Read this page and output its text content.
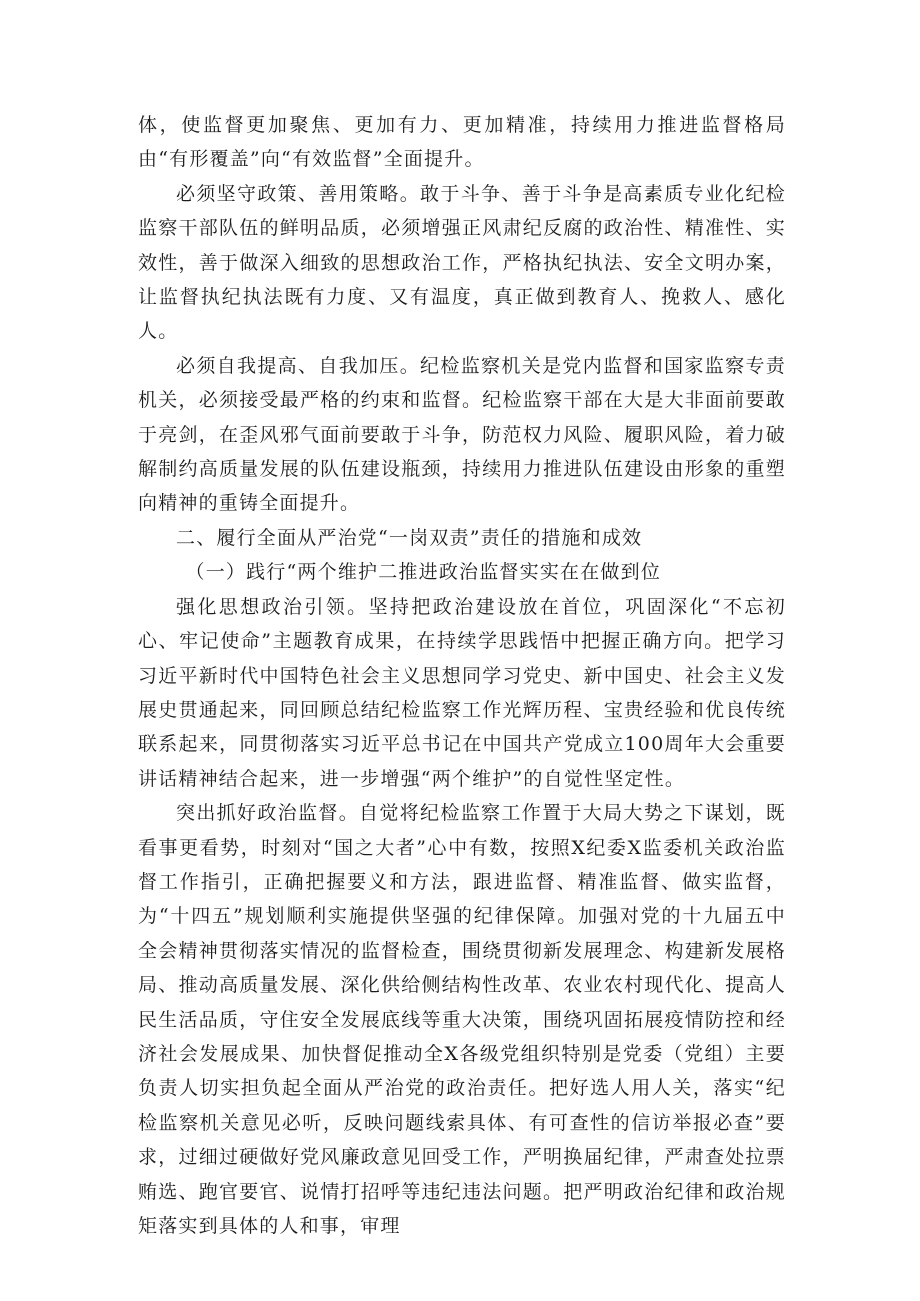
体，使监督更加聚焦、更加有力、更加精准，持续用力推进监督格局由“有形覆盖”向“有效监督”全面提升。

必须坚守政策、善用策略。敢于斗争、善于斗争是高素质专业化纪检监察干部队伍的鲜明品质，必须增强正风肃纪反腐的政治性、精准性、实效性，善于做深入细致的思想政治工作，严格执纪执法、安全文明办案，让监督执纪执法既有力度、又有温度，真正做到教育人、挽救人、感化人。

必须自我提高、自我加压。纪检监察机关是党内监督和国家监察专责机关，必须接受最严格的约束和监督。纪检监察干部在大是大非面前要敢于亮剑，在歪风邪气面前要敢于斗争，防范权力风险、履职风险，着力破解制约高质量发展的队伍建设瓶颈，持续用力推进队伍建设由形象的重塑向精神的重铸全面提升。

二、履行全面从严治党“一岗双责”责任的措施和成效

（一）践行“两个维护二推进政治监督实实在在做到位

强化思想政治引领。坚持把政治建设放在首位，巩固深化“不忘初心、牢记使命”主题教育成果，在持续学思践悟中把握正确方向。把学习习近平新时代中国特色社会主义思想同学习党史、新中国史、社会主义发展史贯通起来，同回顾总结纪检监察工作光辉历程、宝贵经验和优良传统联系起来，同贯彻落实习近平总书记在中国共产党成立100周年大会重要讲话精神结合起来，进一步增强“两个维护”的自觉性坚定性。

突出抓好政治监督。自觉将纪检监察工作置于大局大势之下谋划，既看事更看势，时刻对“国之大者”心中有数，按照X纪委X监委机关政治监督工作指引，正确把握要义和方法，跟进监督、精准监督、做实监督，为“十四五”规划顺利实施提供坚强的纪律保障。加强对党的十九届五中全会精神贯彻落实情况的监督检查，围绕贯彻新发展理念、构建新发展格局、推动高质量发展、深化供给侧结构性改革、农业农村现代化、提高人民生活品质，守住安全发展底线等重大决策，围绕巩固拓展疫情防控和经济社会发展成果、加快督促推动全X各级党组织特别是党委（党组）主要负责人切实担负起全面从严治党的政治责任。把好选人用人关，落实“纪检监察机关意见必听，反映问题线索具体、有可查性的信访举报必查”要求，过细过硬做好党风廉政意见回受工作，严明换届纪律，严肃查处拉票贿选、跑官要官、说情打招呼等违纪违法问题。把严明政治纪律和政治规矩落实到具体的人和事，审理
